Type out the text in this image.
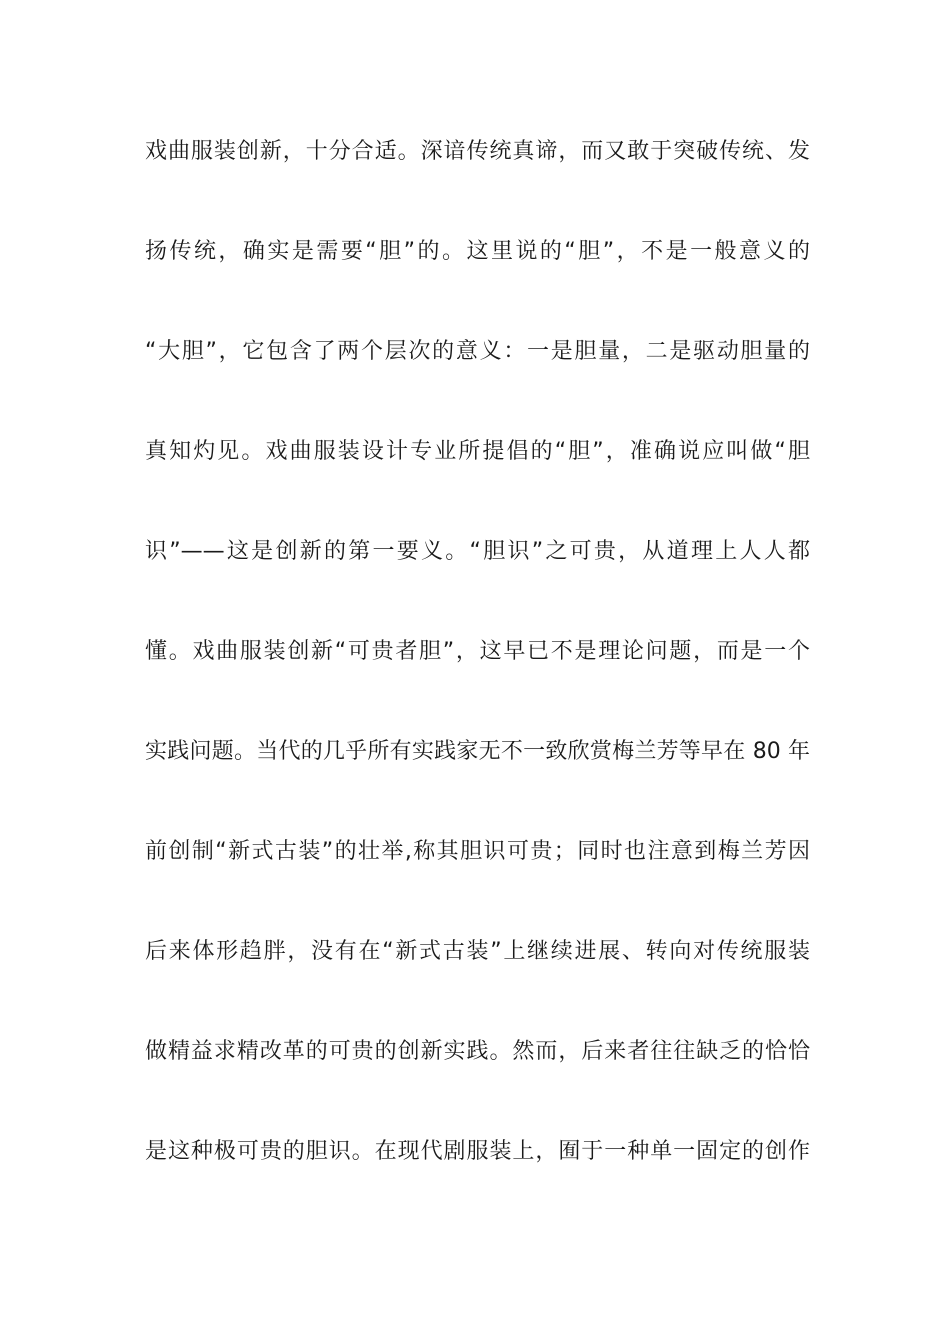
戏曲服装创新，十分合适。深谙传统真谛，而又敢于突破传统、发
扬传统，确实是需要“胆”的。这里说的“胆”，不是一般意义的
“大胆”，它包含了两个层次的意义：一是胆量，二是驱动胆量的
真知灼见。戏曲服装设计专业所提倡的“胆”，准确说应叫做“胆
识”——这是创新的第一要义。“胆识”之可贵，从道理上人人都
懂。戏曲服装创新“可贵者胆”，这早已不是理论问题，而是一个
实践问题。当代的几乎所有实践家无不一致欣赏梅兰芳等早在 80 年
前创制“新式古装”的壮举,称其胆识可贵；同时也注意到梅兰芳因
后来体形趋胖，没有在“新式古装”上继续进展、转向对传统服装
做精益求精改革的可贵的创新实践。然而，后来者往往缺乏的恰恰
是这种极可贵的胆识。在现代剧服装上，囿于一种单一固定的创作
